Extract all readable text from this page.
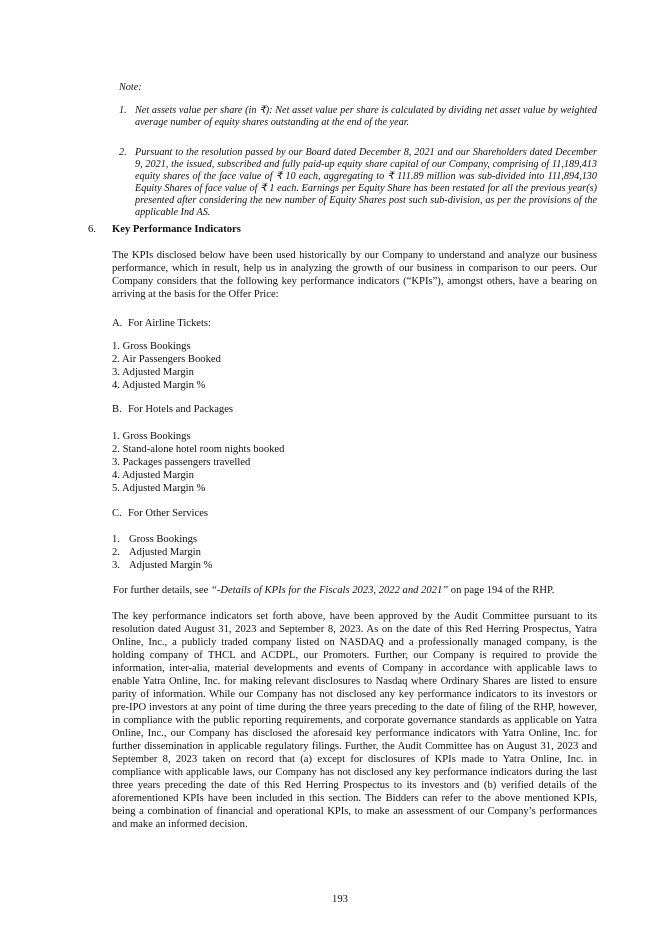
Note:
1. Net assets value per share (in ₹): Net asset value per share is calculated by dividing net asset value by weighted average number of equity shares outstanding at the end of the year.
2. Pursuant to the resolution passed by our Board dated December 8, 2021 and our Shareholders dated December 9, 2021, the issued, subscribed and fully paid-up equity share capital of our Company, comprising of 11,189,413 equity shares of the face value of ₹ 10 each, aggregating to ₹ 111.89 million was sub-divided into 111,894,130 Equity Shares of face value of ₹ 1 each. Earnings per Equity Share has been restated for all the previous year(s) presented after considering the new number of Equity Shares post such sub-division, as per the provisions of the applicable Ind AS.
6. Key Performance Indicators
The KPIs disclosed below have been used historically by our Company to understand and analyze our business performance, which in result, help us in analyzing the growth of our business in comparison to our peers. Our Company considers that the following key performance indicators (“KPIs”), amongst others, have a bearing on arriving at the basis for the Offer Price:
A. For Airline Tickets:
1. Gross Bookings
2. Air Passengers Booked
3. Adjusted Margin
4. Adjusted Margin %
B. For Hotels and Packages
1. Gross Bookings
2. Stand-alone hotel room nights booked
3. Packages passengers travelled
4. Adjusted Margin
5. Adjusted Margin %
C. For Other Services
1. Gross Bookings
2. Adjusted Margin
3. Adjusted Margin %
For further details, see “-Details of KPIs for the Fiscals 2023, 2022 and 2021” on page 194 of the RHP.
The key performance indicators set forth above, have been approved by the Audit Committee pursuant to its resolution dated August 31, 2023 and September 8, 2023. As on the date of this Red Herring Prospectus, Yatra Online, Inc., a publicly traded company listed on NASDAQ and a professionally managed company, is the holding company of THCL and ACDPL, our Promoters. Further, our Company is required to provide the information, inter-alia, material developments and events of Company in accordance with applicable laws to enable Yatra Online, Inc. for making relevant disclosures to Nasdaq where Ordinary Shares are listed to ensure parity of information. While our Company has not disclosed any key performance indicators to its investors or pre-IPO investors at any point of time during the three years preceding to the date of filing of the RHP, however, in compliance with the public reporting requirements, and corporate governance standards as applicable on Yatra Online, Inc., our Company has disclosed the aforesaid key performance indicators with Yatra Online, Inc. for further dissemination in applicable regulatory filings. Further, the Audit Committee has on August 31, 2023 and September 8, 2023 taken on record that (a) except for disclosures of KPIs made to Yatra Online, Inc. in compliance with applicable laws, our Company has not disclosed any key performance indicators during the last three years preceding the date of this Red Herring Prospectus to its investors and (b) verified details of the aforementioned KPIs have been included in this section. The Bidders can refer to the above mentioned KPIs, being a combination of financial and operational KPIs, to make an assessment of our Company’s performances and make an informed decision.
193
